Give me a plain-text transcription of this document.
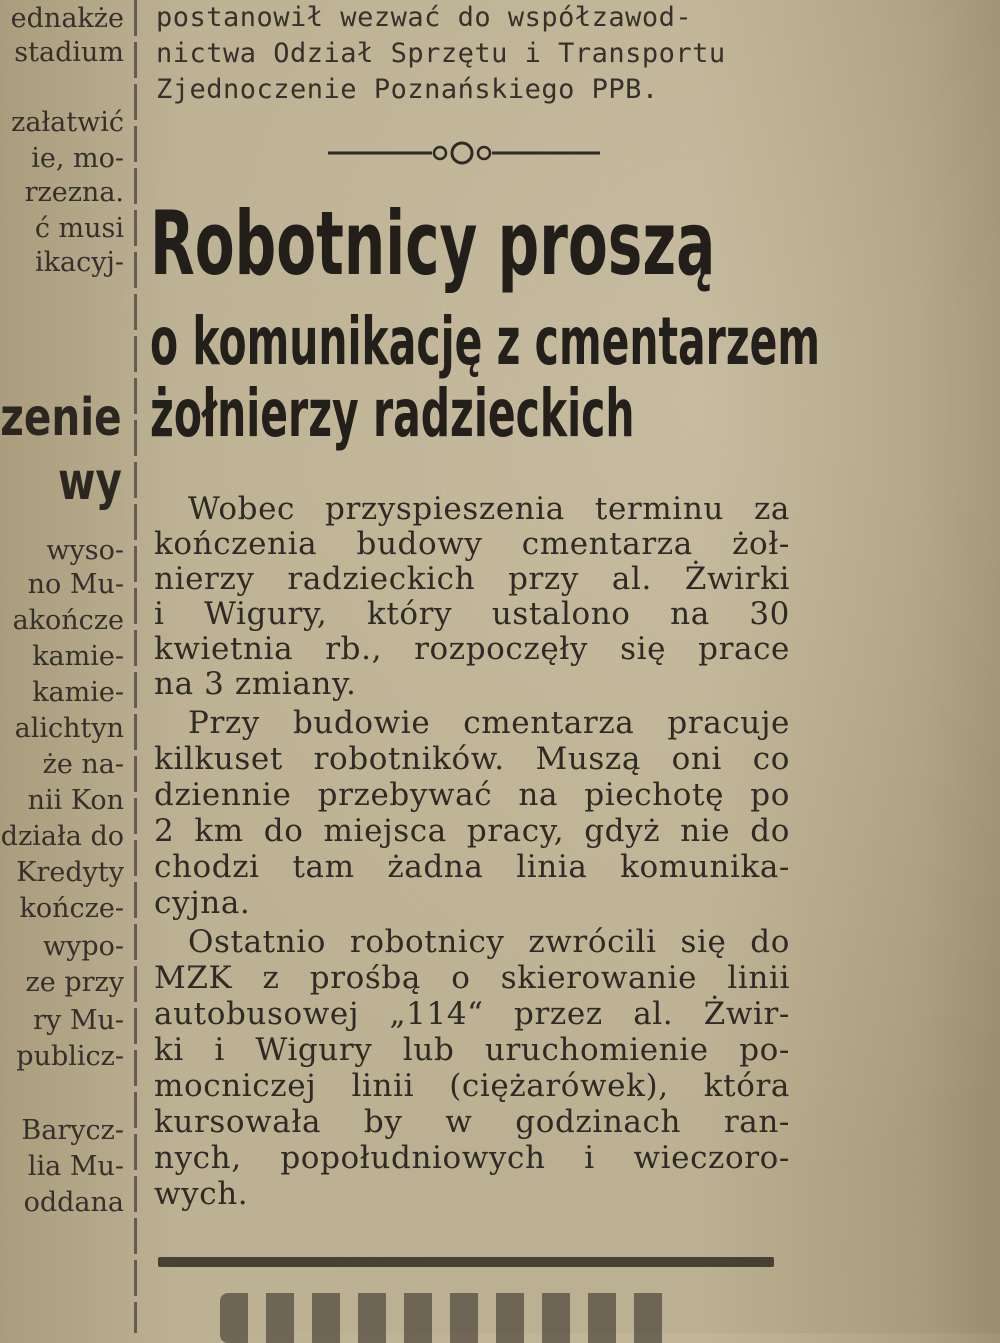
ednakże
stadium
załatwić
ie, mo-
rzezna.
ć musi
ikacyj-
zenie
wy
wyso-
no Mu-
akończe
kamie-
kamie-
alichtyn
że na-
nii Kon
działa do
Kredyty
kończe-
wypo-
ze przy
ry Mu-
publicz-
Barycz-
lia Mu-
oddana
postanowił wezwać do współzawod-
nictwa Odział Sprzętu i Transportu
Zjednoczenie Poznańskiego PPB.
Robotnicy proszą
o komunikację z cmentarzem
żołnierzy radzieckich
Wobec przyspieszenia terminu za
kończenia budowy cmentarza żoł-
nierzy radzieckich przy al. Żwirki
i Wigury, który ustalono na 30
kwietnia rb., rozpoczęły się prace
na 3 zmiany.
Przy budowie cmentarza pracuje
kilkuset robotników. Muszą oni co
dziennie przebywać na piechotę po
2 km do miejsca pracy, gdyż nie do
chodzi tam żadna linia komunika-
cyjna.
Ostatnio robotnicy zwrócili się do
MZK z prośbą o skierowanie linii
autobusowej „114“ przez al. Żwir-
ki i Wigury lub uruchomienie po-
mocniczej linii (ciężarówek), która
kursowała by w godzinach ran-
nych, popołudniowych i wieczoro-
wych.
